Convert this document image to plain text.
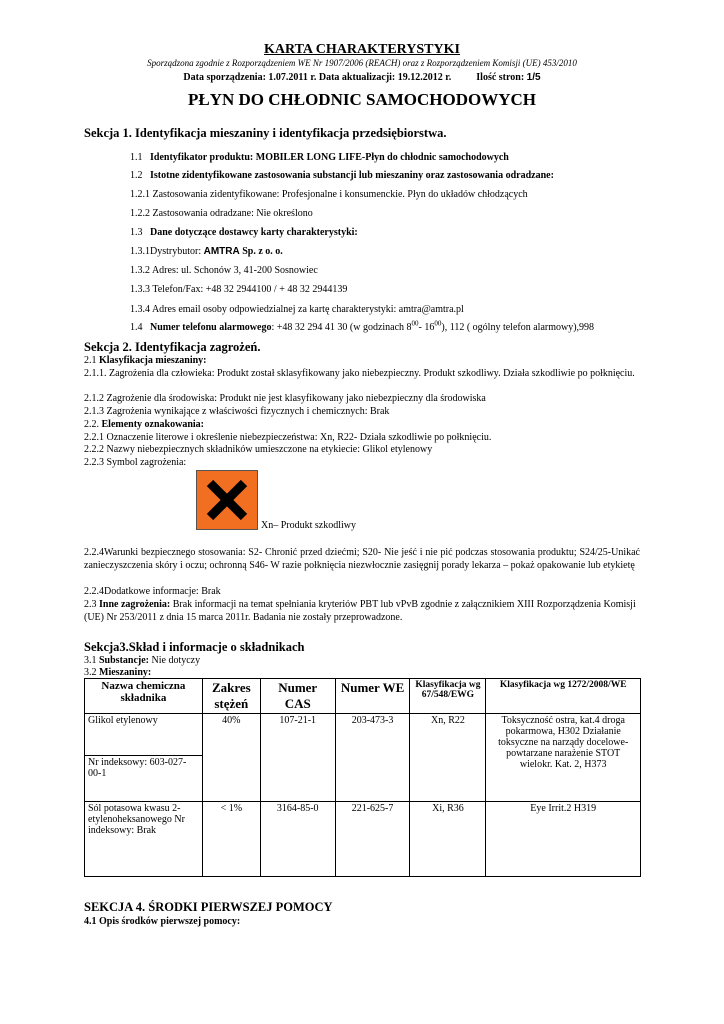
KARTA CHARAKTERYSTYKI
Sporządzona zgodnie z Rozporządzeniem WE Nr 1907/2006 (REACH) oraz z Rozporządzeniem Komisji (UE) 453/2010
Data sporządzenia: 1.07.2011 r. Data aktualizacji: 19.12.2012 r.	Ilość stron: 1/5
PŁYN DO CHŁODNIC SAMOCHODOWYCH
Sekcja 1. Identyfikacja mieszaniny i identyfikacja przedsiębiorstwa.
1.1 Identyfikator produktu: MOBILER LONG LIFE-Płyn do chłodnic samochodowych
1.2 Istotne zidentyfikowane zastosowania substancji lub mieszaniny oraz zastosowania odradzane:
1.2.1 Zastosowania zidentyfikowane: Profesjonalne i konsumenckie. Płyn do układów chłodzących
1.2.2 Zastosowania odradzane: Nie określono
1.3 Dane dotyczące dostawcy karty charakterystyki:
1.3.1Dystrybutor: AMTRA Sp. z o. o.
1.3.2 Adres: ul. Schonów 3, 41-200 Sosnowiec
1.3.3 Telefon/Fax: +48 32 2944100 / + 48 32 2944139
1.3.4 Adres email osoby odpowiedzialnej za kartę charakterystyki: amtra@amtra.pl
1.4 Numer telefonu alarmowego: +48 32 294 41 30 (w godzinach $8^{00}-$ $16^{00}$), 112 ( ogólny telefon alarmowy),998
Sekcja 2. Identyfikacja zagrożeń.
2.1 Klasyfikacja mieszaniny:
2.1.1. Zagrożenia dla człowieka: Produkt został sklasyfikowany jako niebezpieczny. Produkt szkodliwy. Działa szkodliwie po połknięciu.
2.1.2 Zagrożenie dla środowiska: Produkt nie jest klasyfikowany jako niebezpieczny dla środowiska
2.1.3 Zagrożenia wynikające z właściwości fizycznych i chemicznych: Brak
2.2. Elementy oznakowania:
2.2.1 Oznaczenie literowe i określenie niebezpieczeństwa: Xn, R22- Działa szkodliwie po połknięciu.
2.2.2 Nazwy niebezpiecznych składników umieszczone na etykiecie: Glikol etylenowy
2.2.3 Symbol zagrożenia:
Xn– Produkt szkodliwy
2.2.4Warunki bezpiecznego stosowania: S2- Chronić przed dziećmi; S20- Nie jeść i nie pić podczas stosowania produktu; S24/25-Unikać zanieczyszczenia skóry i oczu; ochronną S46- W razie połknięcia niezwłocznie zasięgnij porady lekarza – pokaż opakowanie lub etykietę
2.2.4Dodatkowe informacje: Brak
2.3 Inne zagrożenia: Brak informacji na temat spełniania kryteriów PBT lub vPvB zgodnie z załącznikiem XIII Rozporządzenia Komisji (UE) Nr 253/2011 z dnia 15 marca 2011r. Badania nie zostały przeprowadzone.
Sekcja3.Skład i informacje o składnikach
3.1 Substancje: Nie dotyczy
3.2 Mieszaniny:
Nazwa chemiczna składnika	Zakres stężeń	Numer CAS	Numer WE	Klasyfikacja wg 67/548/EWG	Klasyfikacja wg 1272/2008/WE
Glikol etylenowy	40%	107-21-1	203-473-3	Xn, R22	Toksyczność ostra, kat.4 droga pokarmowa, H302 Działanie toksyczne na narządy docelowe-powtarzane narażenie STOT wielokr. Kat. 2, H373
Nr indeksowy: 603-027-00-1					
Sól potasowa kwasu 2-etylenoheksanowego Nr indeksowy: Brak	< 1%	3164-85-0	221-625-7	Xi, R36	Eye Irrit.2 H319
SEKCJA 4. ŚRODKI PIERWSZEJ POMOCY
4.1 Opis środków pierwszej pomocy:
